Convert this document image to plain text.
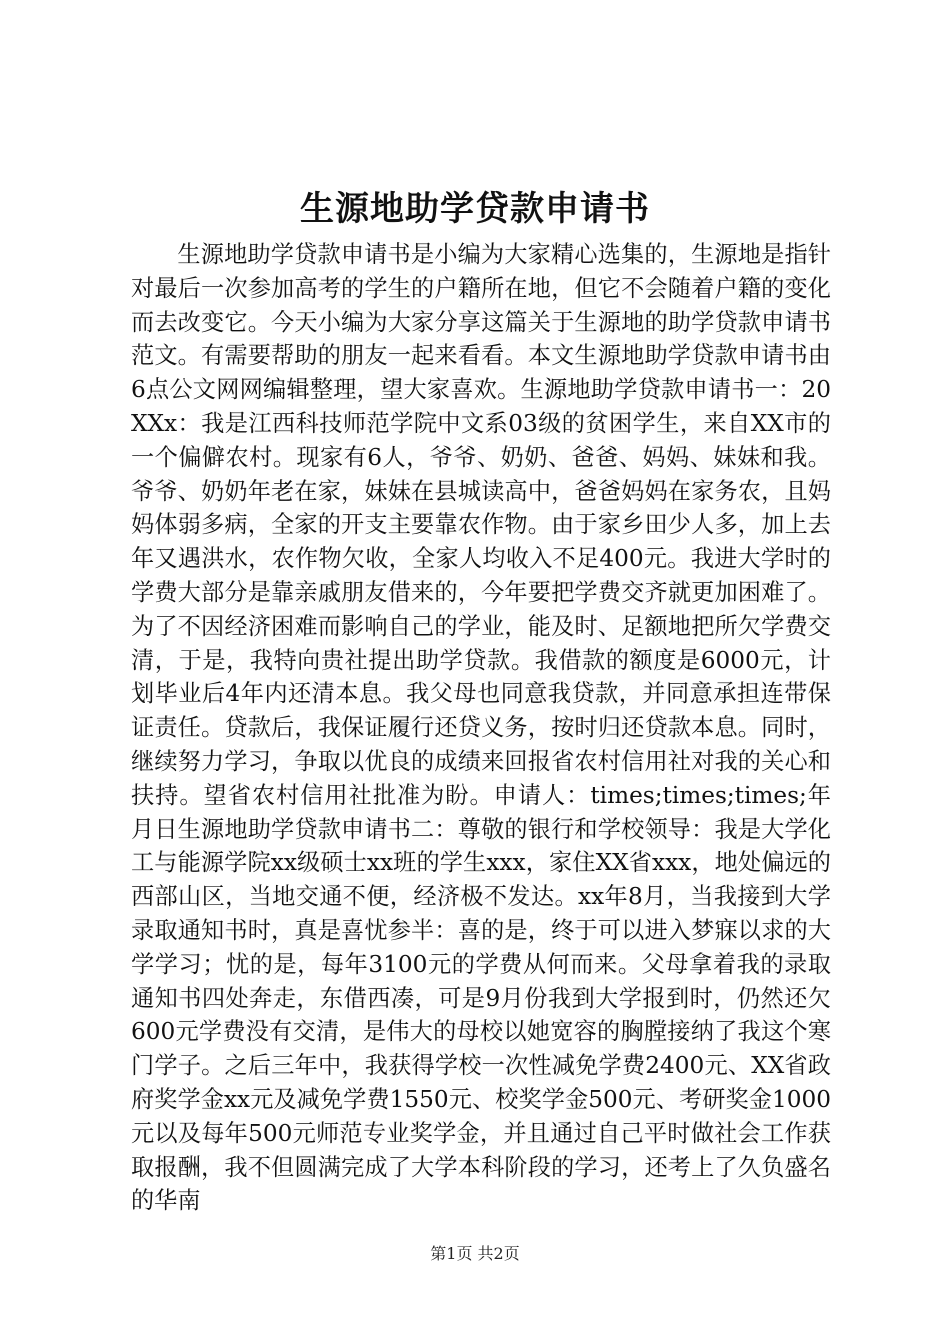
生源地助学贷款申请书

生源地助学贷款申请书是小编为大家精心选集的，生源地是指针对最后一次参加高考的学生的户籍所在地，但它不会随着户籍的变化而去改变它。今天小编为大家分享这篇关于生源地的助学贷款申请书范文。有需要帮助的朋友一起来看看。本文生源地助学贷款申请书由6点公文网网编辑整理，望大家喜欢。生源地助学贷款申请书一：20XXx：我是江西科技师范学院中文系03级的贫困学生，来自XX市的一个偏僻农村。现家有6人，爷爷、奶奶、爸爸、妈妈、妹妹和我。爷爷、奶奶年老在家，妹妹在县城读高中，爸爸妈妈在家务农，且妈妈体弱多病，全家的开支主要靠农作物。由于家乡田少人多，加上去年又遇洪水，农作物欠收，全家人均收入不足400元。我进大学时的学费大部分是靠亲戚朋友借来的，今年要把学费交齐就更加困难了。为了不因经济困难而影响自己的学业，能及时、足额地把所欠学费交清，于是，我特向贵社提出助学贷款。我借款的额度是6000元，计划毕业后4年内还清本息。我父母也同意我贷款，并同意承担连带保证责任。贷款后，我保证履行还贷义务，按时归还贷款本息。同时，继续努力学习，争取以优良的成绩来回报省农村信用社对我的关心和扶持。望省农村信用社批准为盼。申请人：times;times;times;年月日生源地助学贷款申请书二：尊敬的银行和学校领导：我是大学化工与能源学院xx级硕士xx班的学生xxx，家住XX省xxx，地处偏远的西部山区，当地交通不便，经济极不发达。xx年8月，当我接到大学录取通知书时，真是喜忧参半：喜的是，终于可以进入梦寐以求的大学学习；忧的是，每年3100元的学费从何而来。父母拿着我的录取通知书四处奔走，东借西凑，可是9月份我到大学报到时，仍然还欠600元学费没有交清，是伟大的母校以她宽容的胸膛接纳了我这个寒门学子。之后三年中，我获得学校一次性减免学费2400元、XX省政府奖学金xx元及减免学费1550元、校奖学金500元、考研奖金1000元以及每年500元师范专业奖学金，并且通过自己平时做社会工作获取报酬，我不但圆满完成了大学本科阶段的学习，还考上了久负盛名的华南

第1页 共2页
